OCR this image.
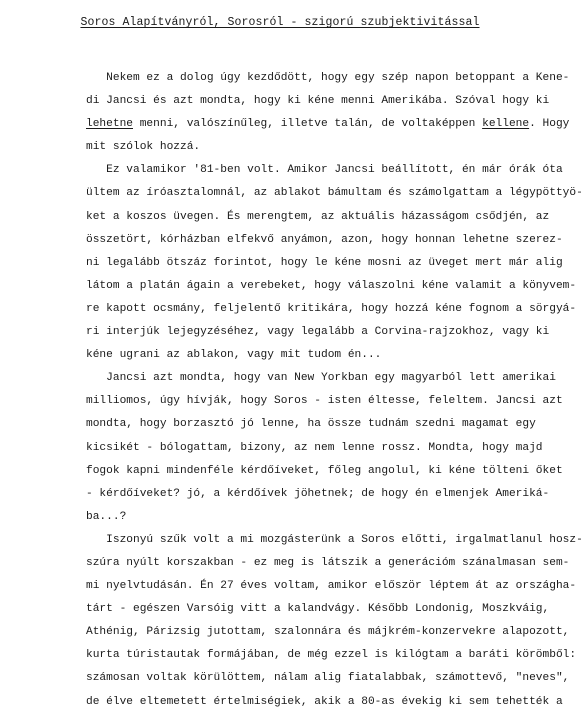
Soros Alapítványról, Sorosról - szigorú szubjektivitással
Nekem ez a dolog úgy kezdődött, hogy egy szép napon betoppant a Kene-
di Jancsi és azt mondta, hogy ki kéne menni Amerikába. Szóval hogy ki
lehetne menni, valószínűleg, illetve talán, de voltaképpen kellene. Hogy
mit szólok hozzá.
Ez valamikor '81-ben volt. Amikor Jancsi beállított, én már órák óta
ültem az íróasztalomnál, az ablakot bámultam és számolgattam a légypöttyö-
ket a koszos üvegen. És merengtem, az aktuális házasságom csődjén, az
összetört, kórházban elfekvő anyámon, azon, hogy honnan lehetne szerez-
ni legalább ötszáz forintot, hogy le kéne mosni az üveget mert már alig
látom a platán ágain a verebeket, hogy válaszolni kéne valamit a könyvem-
re kapott ocsmány, feljelentő kritikára, hogy hozzá kéne fognom a sörgyá-
ri interjúk lejegyzéséhez, vagy legalább a Corvina-rajzokhoz, vagy ki
kéne ugrani az ablakon, vagy mit tudom én...
Jancsi azt mondta, hogy van New Yorkban egy magyarból lett amerikai
milliomos, úgy hívják, hogy Soros - isten éltesse, feleltem. Jancsi azt
mondta, hogy borzasztó jó lenne, ha össze tudnám szedni magamat egy
kicsikét - bólogattam, bizony, az nem lenne rossz. Mondta, hogy majd
fogok kapni mindenféle kérdőíveket, főleg angolul, ki kéne tölteni őket
- kérdőíveket? jó, a kérdőívek jöhetnek; de hogy én elmenjek Ameriká-
ba...?
Iszonyú szűk volt a mi mozgásterünk a Soros előtti, irgalmatlanul hosz-
szúra nyúlt korszakban - ez meg is látszik a generációm szánalmasan sem-
mi nyelvtudásán. Én 27 éves voltam, amikor először léptem át az országha-
tárt - egészen Varsóig vitt a kalandvágy. Később Londonig, Moszkváig,
Athénig, Párizsig jutottam, szalonnára és májkrém-konzervekre alapozott,
kurta túristautak formájában, de még ezzel is kilógtam a baráti körömből:
számosan voltak körülöttem, nálam alig fiatalabbak, számottevő, "neves",
de élve eltemetett értelmiségiek, akik a 80-as évekig ki sem tehették a
